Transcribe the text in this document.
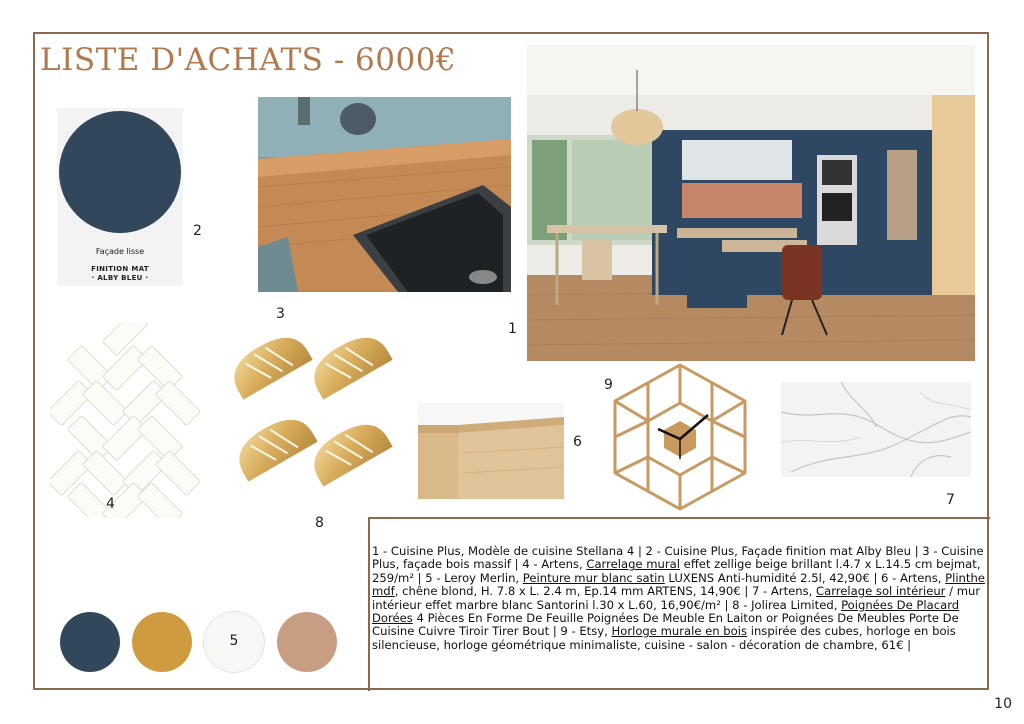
LISTE D'ACHATS - 6000€
Façade lisse
FINITION MAT
· ALBY BLEU ·
2
3
1
4
8
6
9
7
1 - Cuisine Plus, Modèle de cuisine Stellana 4 | 2 - Cuisine Plus, Façade finition mat Alby Bleu | 3 - Cuisine Plus, façade bois massif | 4 - Artens, Carrelage mural effet zellige beige brillant l.4.7 x L.14.5 cm bejmat, 259/m² | 5 - Leroy Merlin, Peinture mur blanc satin LUXENS Anti-humidité 2.5l, 42,90€ | 6 - Artens, Plinthe mdf, chêne blond, H. 7.8 x L. 2.4 m, Ep.14 mm ARTENS, 14,90€ | 7 - Artens, Carrelage sol intérieur / mur intérieur effet marbre blanc Santorini l.30 x L.60, 16,90€/m² | 8 - Jolirea Limited, Poignées De Placard Dorées 4 Pièces En Forme De Feuille Poignées De Meuble En Laiton or Poignées De Meubles Porte De Cuisine Cuivre Tiroir Tirer Bout | 9 - Etsy, Horloge murale en bois inspirée des cubes, horloge en bois silencieuse, horloge géométrique minimaliste, cuisine - salon - décoration de chambre, 61€ |
5
10
